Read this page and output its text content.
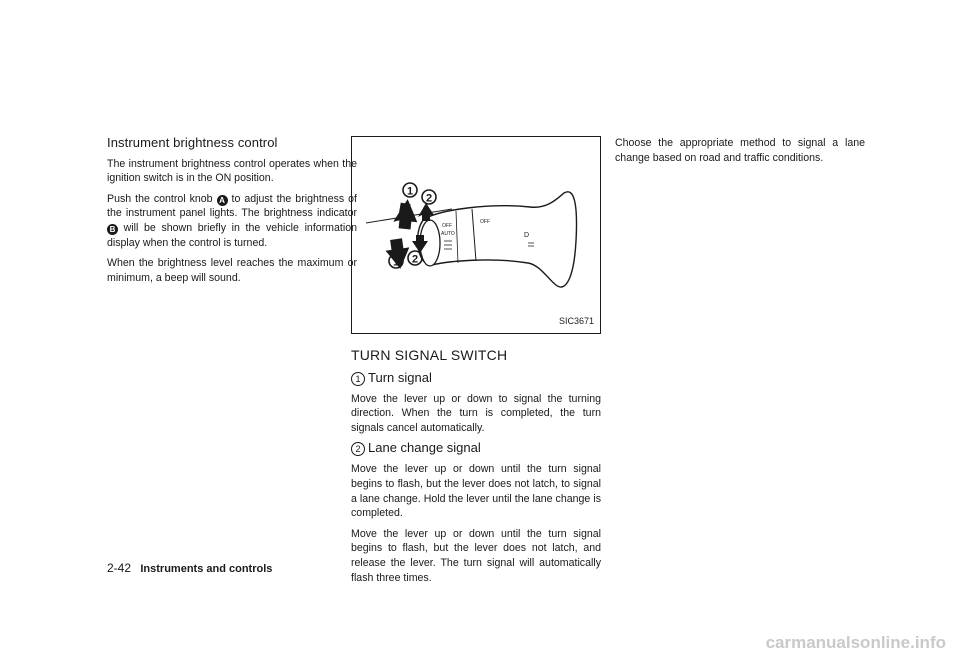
Instrument brightness control

The instrument brightness control operates when the ignition switch is in the ON position.

Push the control knob A to adjust the brightness of the instrument panel lights. The brightness indicator B will be shown briefly in the vehicle information display when the control is turned.

When the brightness level reaches the maximum or minimum, a beep will sound.

OFF
AUTO
OFF
D
1
2
1 2
SIC3671
TURN SIGNAL SWITCH
1 Turn signal

Move the lever up or down to signal the turning direction. When the turn is completed, the turn signals cancel automatically.

2 Lane change signal

Move the lever up or down until the turn signal begins to flash, but the lever does not latch, to signal a lane change. Hold the lever until the lane change is completed.

Move the lever up or down until the turn signal begins to flash, but the lever does not latch, and release the lever. The turn signal will automatically flash three times.

Choose the appropriate method to signal a lane change based on road and traffic conditions.

2-42 Instruments and controls
carmanualsonline.info
